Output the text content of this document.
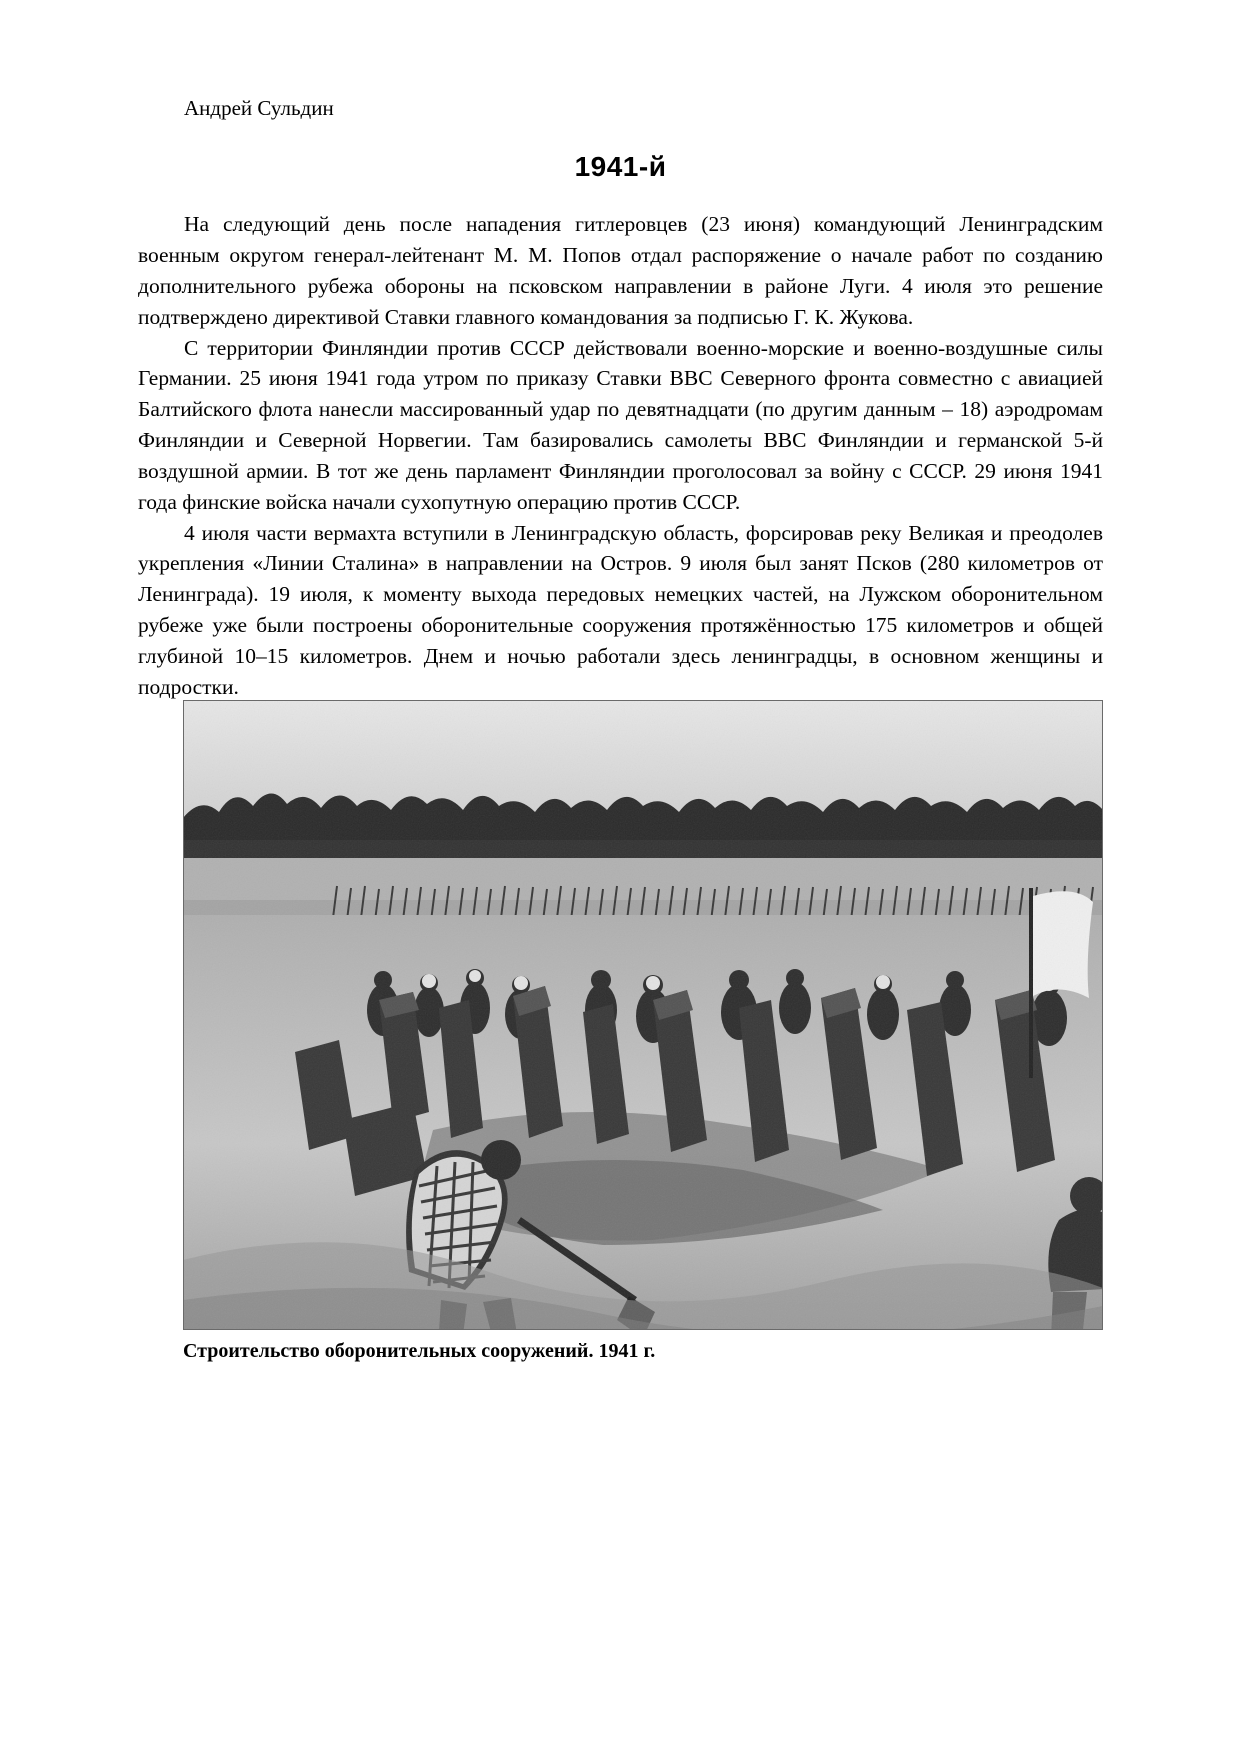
Андрей Сульдин
1941-й

На следующий день после нападения гитлеровцев (23 июня) командующий Ленинградским военным округом генерал-лейтенант М. М. Попов отдал распоряжение о начале работ по созданию дополнительного рубежа обороны на псковском направлении в районе Луги. 4 июля это решение подтверждено директивой Ставки главного командования за подписью Г. К. Жукова.

С территории Финляндии против СССР действовали военно-морские и военно-воздушные силы Германии. 25 июня 1941 года утром по приказу Ставки ВВС Северного фронта совместно с авиацией Балтийского флота нанесли массированный удар по девятнадцати (по другим данным – 18) аэродромам Финляндии и Северной Норвегии. Там базировались самолеты ВВС Финляндии и германской 5-й воздушной армии. В тот же день парламент Финляндии проголосовал за войну с СССР. 29 июня 1941 года финские войска начали сухопутную операцию против СССР.

4 июля части вермахта вступили в Ленинградскую область, форсировав реку Великая и преодолев укрепления «Линии Сталина» в направлении на Остров. 9 июля был занят Псков (280 километров от Ленинграда). 19 июля, к моменту выхода передовых немецких частей, на Лужском оборонительном рубеже уже были построены оборонительные сооружения протяжённостью 175 километров и общей глубиной 10–15 километров. Днем и ночью работали здесь ленинградцы, в основном женщины и подростки.

Строительство оборонительных сооружений. 1941 г.
